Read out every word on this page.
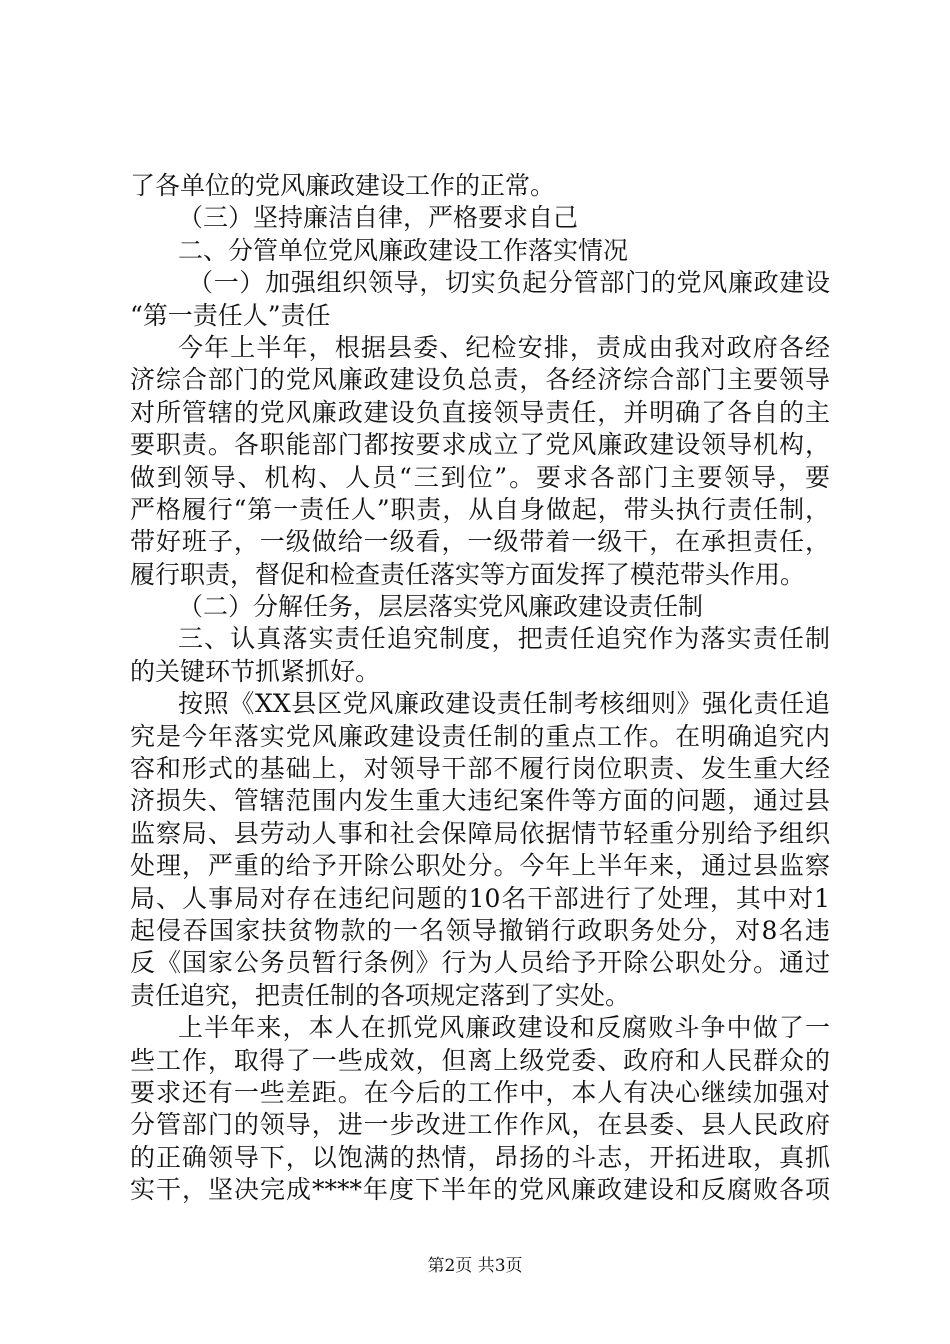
了各单位的党风廉政建设工作的正常。
（三）坚持廉洁自律，严格要求自己
二、分管单位党风廉政建设工作落实情况
（一）加强组织领导，切实负起分管部门的党风廉政建设
“第一责任人”责任
今年上半年，根据县委、纪检安排，责成由我对政府各经
济综合部门的党风廉政建设负总责，各经济综合部门主要领导
对所管辖的党风廉政建设负直接领导责任，并明确了各自的主
要职责。各职能部门都按要求成立了党风廉政建设领导机构，
做到领导、机构、人员“三到位”。要求各部门主要领导，要
严格履行“第一责任人”职责，从自身做起，带头执行责任制，
带好班子，一级做给一级看，一级带着一级干，在承担责任，
履行职责，督促和检查责任落实等方面发挥了模范带头作用。
（二）分解任务，层层落实党风廉政建设责任制
三、认真落实责任追究制度，把责任追究作为落实责任制
的关键环节抓紧抓好。
按照《XX县区党风廉政建设责任制考核细则》强化责任追
究是今年落实党风廉政建设责任制的重点工作。在明确追究内
容和形式的基础上，对领导干部不履行岗位职责、发生重大经
济损失、管辖范围内发生重大违纪案件等方面的问题，通过县
监察局、县劳动人事和社会保障局依据情节轻重分别给予组织
处理，严重的给予开除公职处分。今年上半年来，通过县监察
局、人事局对存在违纪问题的10名干部进行了处理，其中对1
起侵吞国家扶贫物款的一名领导撤销行政职务处分，对8名违
反《国家公务员暂行条例》行为人员给予开除公职处分。通过
责任追究，把责任制的各项规定落到了实处。
上半年来，本人在抓党风廉政建设和反腐败斗争中做了一
些工作，取得了一些成效，但离上级党委、政府和人民群众的
要求还有一些差距。在今后的工作中，本人有决心继续加强对
分管部门的领导，进一步改进工作作风，在县委、县人民政府
的正确领导下，以饱满的热情，昂扬的斗志，开拓进取，真抓
实干，坚决完成****年度下半年的党风廉政建设和反腐败各项
第2页 共3页
